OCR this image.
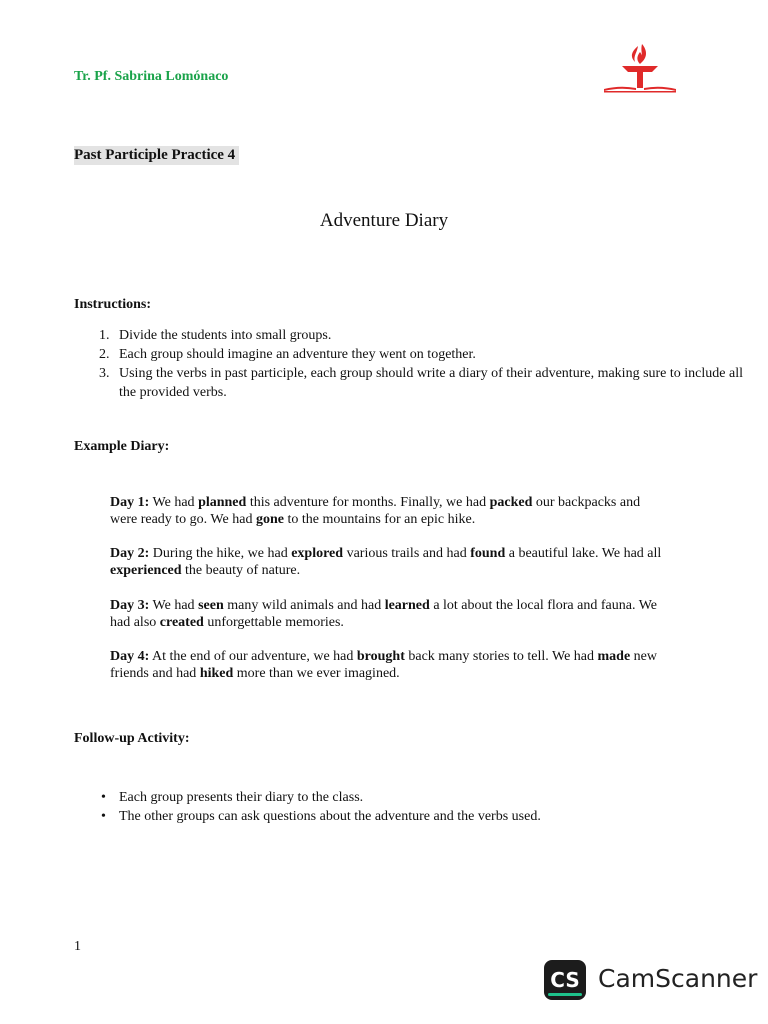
Tr. Pf. Sabrina Lomónaco
Past Participle Practice 4
Adventure Diary
Instructions:
Divide the students into small groups.
Each group should imagine an adventure they went on together.
Using the verbs in past participle, each group should write a diary of their adventure, making sure to include all the provided verbs.
Example Diary:

Day 1: We had planned this adventure for months. Finally, we had packed our backpacks and were ready to go. We had gone to the mountains for an epic hike.

Day 2: During the hike, we had explored various trails and had found a beautiful lake. We had all experienced the beauty of nature.

Day 3: We had seen many wild animals and had learned a lot about the local flora and fauna. We had also created unforgettable memories.

Day 4: At the end of our adventure, we had brought back many stories to tell. We had made new friends and had hiked more than we ever imagined.

Follow-up Activity:
• Each group presents their diary to the class.
• The other groups can ask questions about the adventure and the verbs used.
1
CS CamScanner
